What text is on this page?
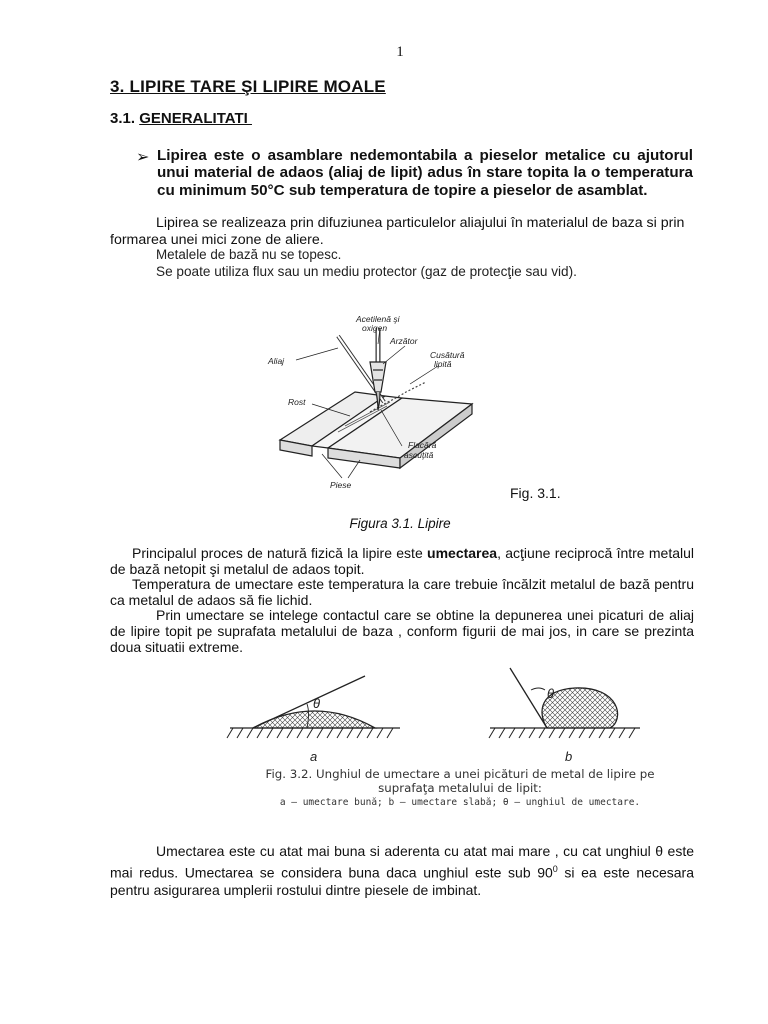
1
3. LIPIRE TARE ŞI LIPIRE MOALE
3.1. GENERALITATI
➢ Lipirea este o asamblare nedemontabila a pieselor metalice cu ajutorul unui material de adaos (aliaj de lipit) adus în stare topita la o temperatura cu minimum 50°C sub temperatura de topire a pieselor de asamblat.
Lipirea se realizeaza prin difuziunea particulelor aliajului în materialul de baza si prin formarea unei mici zone de aliere.
Metalele de bază nu se topesc.
Se poate utiliza flux sau un mediu protector (gaz de protecţie sau vid).
Acetilenă şi
oxigen
Arzător
Cusătură
lipită
Aliaj
Rost
Flacără
ascuţită
Piese	Fig. 3.1.
Figura 3.1. Lipire
Principalul proces de natură fizică la lipire este umectarea, acţiune reciprocă între metalul de bază netopit şi metalul de adaos topit.
Temperatura de umectare este temperatura la care trebuie încălzit metalul de bază pentru ca metalul de adaos să fie lichid.
Prin umectare se intelege contactul care se obtine la depunerea unei picaturi de aliaj de lipire topit pe suprafata metalului de baza , conform figurii de mai jos, in care se prezinta doua situatii extreme.
θ
θ
a	b
Fig. 3.2. Unghiul de umectare a unei picături de metal de lipire pe suprafaţa metalului de lipit:
a — umectare bună; b — umectare slabă; θ — unghiul de umectare.
Umectarea este cu atat mai buna si aderenta cu atat mai mare , cu cat unghiul θ este mai redus. Umectarea se considera buna daca unghiul este sub $90^0$ si ea este necesara pentru asigurarea umplerii rostului dintre piesele de imbinat.
